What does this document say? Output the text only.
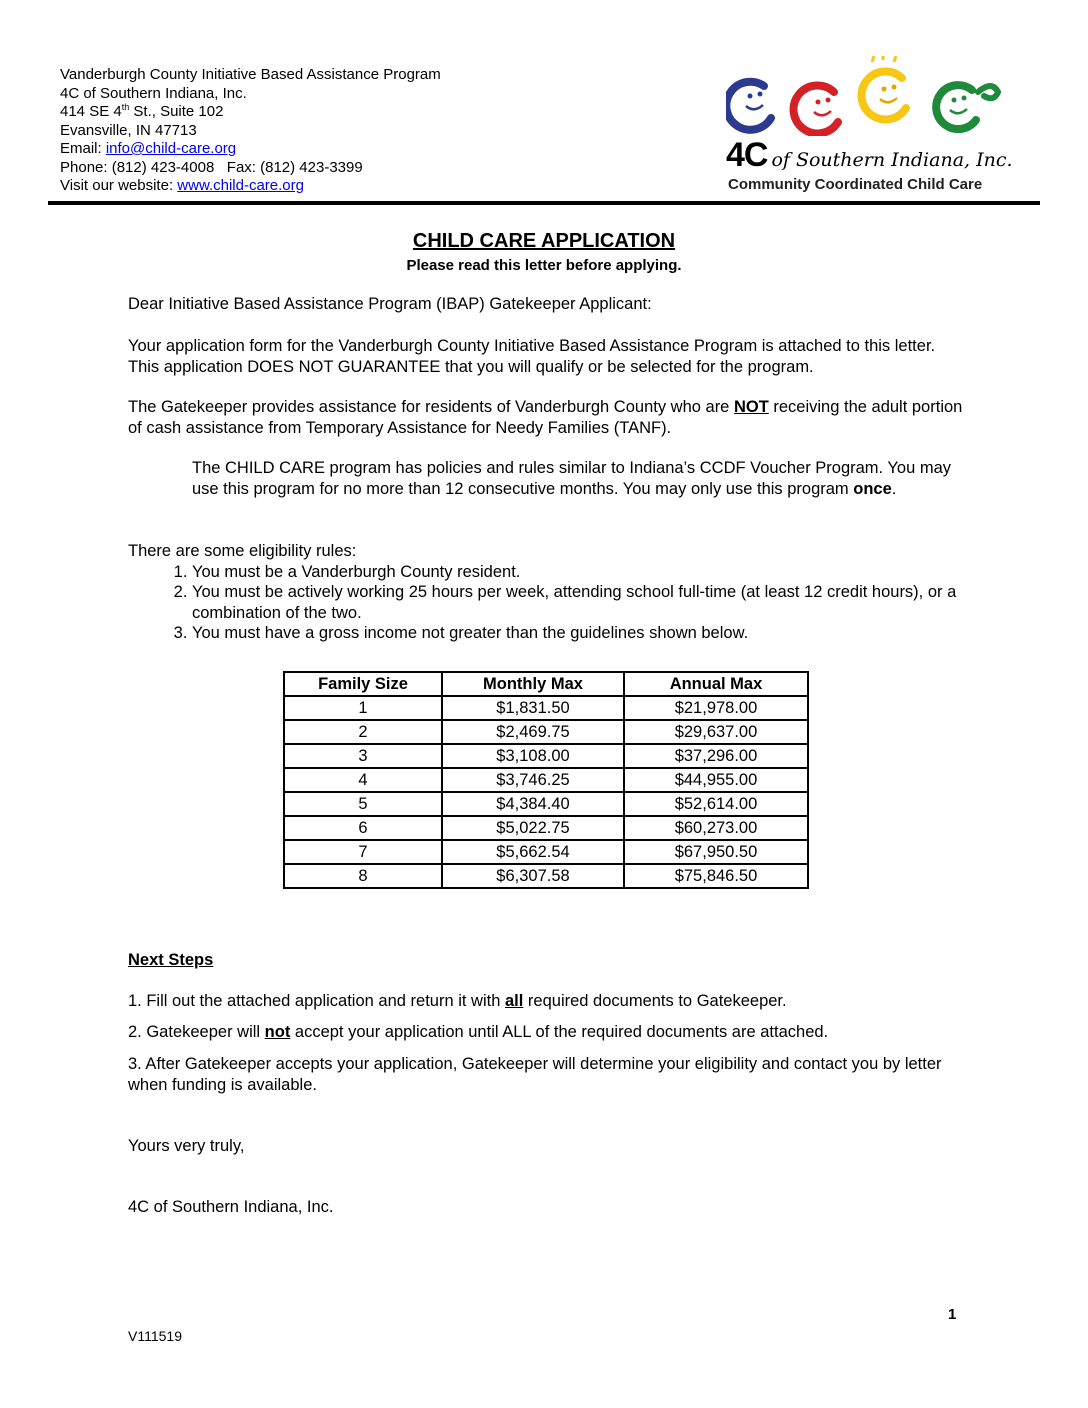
Vanderburgh County Initiative Based Assistance Program
4C of Southern Indiana, Inc.
414 SE 4th St., Suite 102
Evansville, IN 47713
Email: info@child-care.org
Phone: (812) 423-4008   Fax: (812) 423-3399
Visit our website: www.child-care.org
4C of Southern Indiana, Inc.
Community Coordinated Child Care
CHILD CARE APPLICATION
Please read this letter before applying.
Dear Initiative Based Assistance Program (IBAP) Gatekeeper Applicant:
Your application form for the Vanderburgh County Initiative Based Assistance Program is attached to this letter. This application DOES NOT GUARANTEE that you will qualify or be selected for the program.
The Gatekeeper provides assistance for residents of Vanderburgh County who are NOT receiving the adult portion of cash assistance from Temporary Assistance for Needy Families (TANF).
The CHILD CARE program has policies and rules similar to Indiana’s CCDF Voucher Program. You may use this program for no more than 12 consecutive months. You may only use this program once.
There are some eligibility rules:
1. You must be a Vanderburgh County resident.
2. You must be actively working 25 hours per week, attending school full-time (at least 12 credit hours), or a combination of the two.
3. You must have a gross income not greater than the guidelines shown below.
Family Size	Monthly Max	Annual Max
1	$1,831.50	$21,978.00
2	$2,469.75	$29,637.00
3	$3,108.00	$37,296.00
4	$3,746.25	$44,955.00
5	$4,384.40	$52,614.00
6	$5,022.75	$60,273.00
7	$5,662.54	$67,950.50
8	$6,307.58	$75,846.50
Next Steps
1. Fill out the attached application and return it with all required documents to Gatekeeper.
2. Gatekeeper will not accept your application until ALL of the required documents are attached.
3. After Gatekeeper accepts your application, Gatekeeper will determine your eligibility and contact you by letter when funding is available.
Yours very truly,
4C of Southern Indiana, Inc.
1
V111519
